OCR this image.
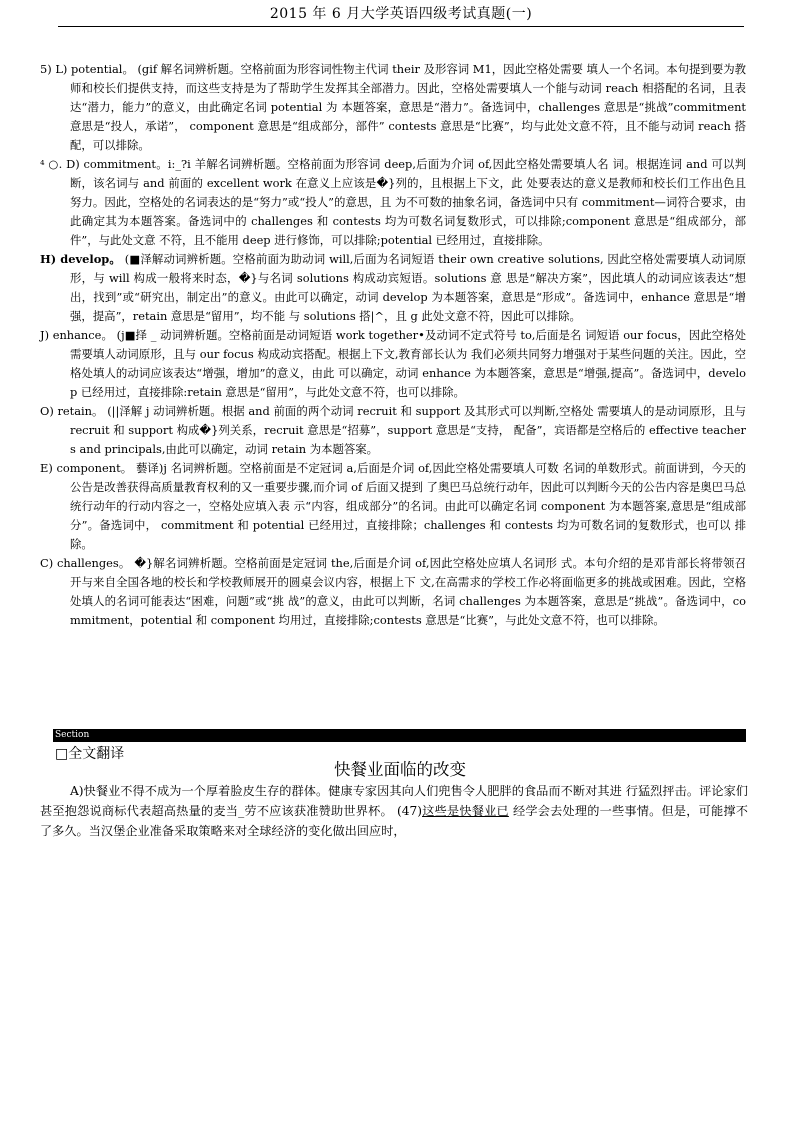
2015 年 6 月大学英语四级考试真题(一)

5) L) potential。 (gif 解名词辨析题。空格前面为形容词性物主代词 their 及形容词 M1，因此空格处需要 填人一个名词。本句提到要为教师和校长们提供支持，而这些支持是为了帮助学生发挥其全部潜力。因此，空格处需要填人一个能与动词 reach 相搭配的名词，且表达“潜力，能力”的意义，由此确定名词 potential 为 本题答案，意思是“潜力”。备选词中，challenges 意思是“挑战”commitment 意思是“投人，承诺”， component 意思是“组成部分，部件” contests 意思是“比赛”，均与此处文意不符，且不能与动词 reach 搭 配，可以排除。

⁴ ○. D) commitment。i:_?i 羊解名词辨析题。空格前面为形容词 deep,后面为介词 of,因此空格处需要填人名 词。根据连词 and 可以判断，该名词与 and 前面的 excellent work 在意义上应该是�}列的，且根据上下文，此 处要表达的意义是教师和校长们工作出色且努力。因此，空格处的名词表达的是“努力”或“投人”的意思，且 为不可数的抽象名词，备选词中只有 commitment—词符合要求，由此确定其为本题答案。备选词中的 challenges 和 contests 均为可数名词复数形式，可以排除;component 意思是“组成部分，部件”，与此处文意 不符，且不能用 deep 进行修饰，可以排除;potential 已经用过，直接排除。

H) develop。 (■泽解动词辨析题。空格前面为助动词 will,后面为名词短语 their own creative solutions, 因此空格处需要填人动词原形，与 will 构成一般将来时态，�}与名词 solutions 构成动宾短语。solutions 意 思是“解决方案”，因此填人的动词应该表达“想出，找到”或“研究出，制定出”的意义。由此可以确定，动词 develop 为本题答案，意思是“形成”。备选词中，enhance 意思是“增强，提高”，retain 意思是“留用”，均不能 与 solutions 搭|^，且 g 此处文意不符，因此可以排除。

J) enhance。 (j■择 _ 动词辨析题。空格前面是动词短语 work together•及动词不定式符号 to,后面是名 词短语 our focus，因此空格处需要填人动词原形，且与 our focus 构成动宾搭配。根据上下文,教育部长认为 我们必须共同努力增强对于某些问题的关注。因此，空格处填人的动词应该表达“增强，增加”的意义，由此 可以确定，动词 enhance 为本题答案，意思是“增强,提高”。备选词中，develop 已经用过，直接排除:retain 意思是“留用”，与此处文意不符，也可以排除。

O) retain。 (||泽解 j 动词辨析题。根据 and 前面的两个动词 recruit 和 support 及其形式可以判断,空格处 需要填人的是动词原形，且与 recruit 和 support 构成�}列关系，recruit 意思是“招募”，support 意思是“支持， 配备”，宾语都是空格后的 effective teachers and principals,由此可以确定，动词 retain 为本题答案。

E) component。 藝译)j 名词辨析题。空格前面是不定冠词 a,后面是介词 of,因此空格处需要填人可数 名词的单数形式。前面讲到，今天的公告是改善获得高质量教育权利的又一重要步骤,而介词 of 后面又提到 了奥巴马总统行动年，因此可以判断今天的公告内容是奥巴马总统行动年的行动内容之一，空格处应填入表 示“内容，组成部分”的名词。由此可以确定名词 component 为本题答案,意思是“组成部分”。备选词中， commitment 和 potential 已经用过，直接排除；challenges 和 contests 均为可数名词的复数形式，也可以 排除。

C) challenges。 �}解名词辨析题。空格前面是定冠词 the,后面是介词 of,因此空格处应填人名词形 式。本句介绍的是邓肯部长将带领召开与来自全国各地的校长和学校教师展开的圆桌会议内容，根据上下 文,在高需求的学校工作必将面临更多的挑战或困难。因此，空格处填人的名词可能表达“困难，问题”或“挑 战”的意义，由此可以判断，名词 challenges 为本题答案，意思是“挑战”。备选词中，commitment，potential 和 component 均用过，直接排除;contests 意思是“比赛”，与此处文意不符，也可以排除。

Section
□全文翻译
快餐业面临的改变
A)快餐业不得不成为一个厚着脸皮生存的群体。健康专家因其向人们兜售令人肥胖的食品而不断对其进 行猛烈抨击。评论家们甚至抱怨说商标代表超高热量的麦当_劳不应该获准赞助世界杯。 (47)这些是快餐业已 经学会去处理的一些事情。但是，可能撑不了多久。当汉堡企业准备采取策略来对全球经济的变化做出回应时，
